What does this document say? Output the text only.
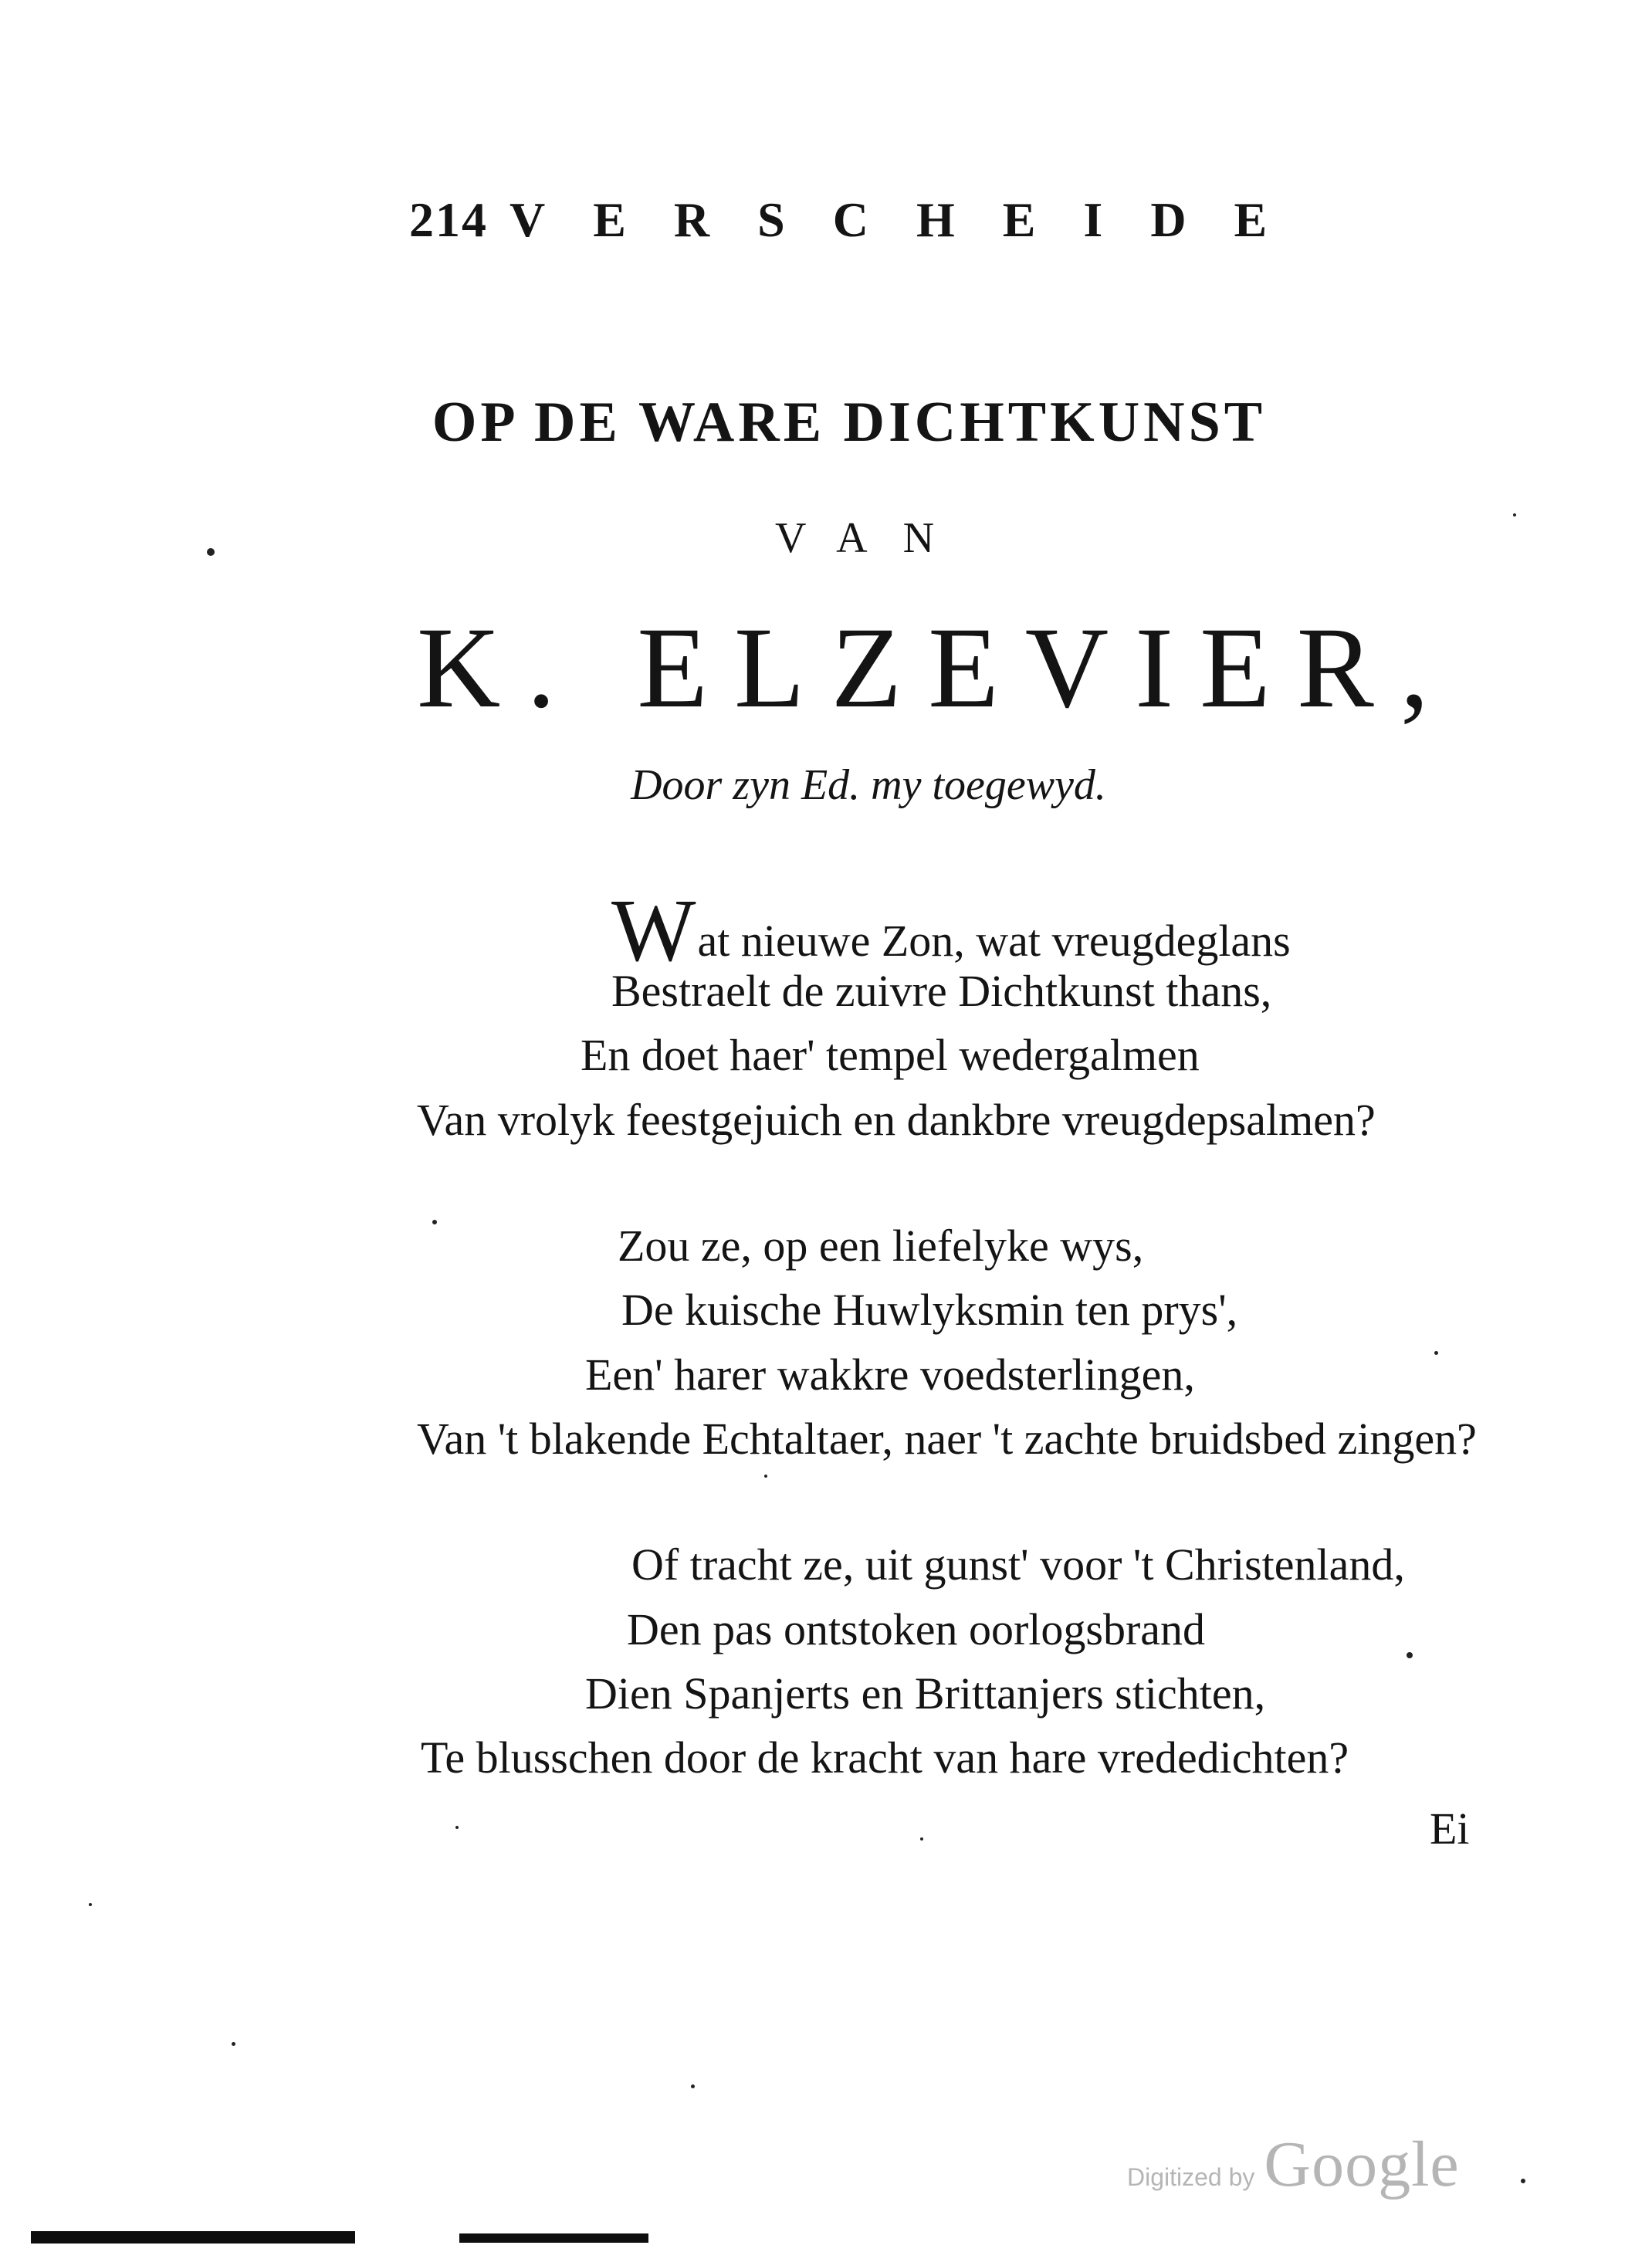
214 VERSCHEIDE
OP DE WARE DICHTKUNST
VAN
K. ELZEVIER,
Door zyn Ed. my toegewyd.
Wat nieuwe Zon, wat vreugdeglans
Bestraelt de zuivre Dichtkunst thans,
En doet haer' tempel wedergalmen
Van vrolyk feestgejuich en dankbre vreugdepsalmen?
Zou ze, op een liefelyke wys,
De kuische Huwlyksmin ten prys',
Een' harer wakkre voedsterlingen,
Van 't blakende Echtaltaer, naer 't zachte bruidsbed zingen?
Of tracht ze, uit gunst' voor 't Christenland,
Den pas ontstoken oorlogsbrand
Dien Spanjerts en Brittanjers stichten,
Te blusschen door de kracht van hare vrededichten?
Ei
Digitized by Google
